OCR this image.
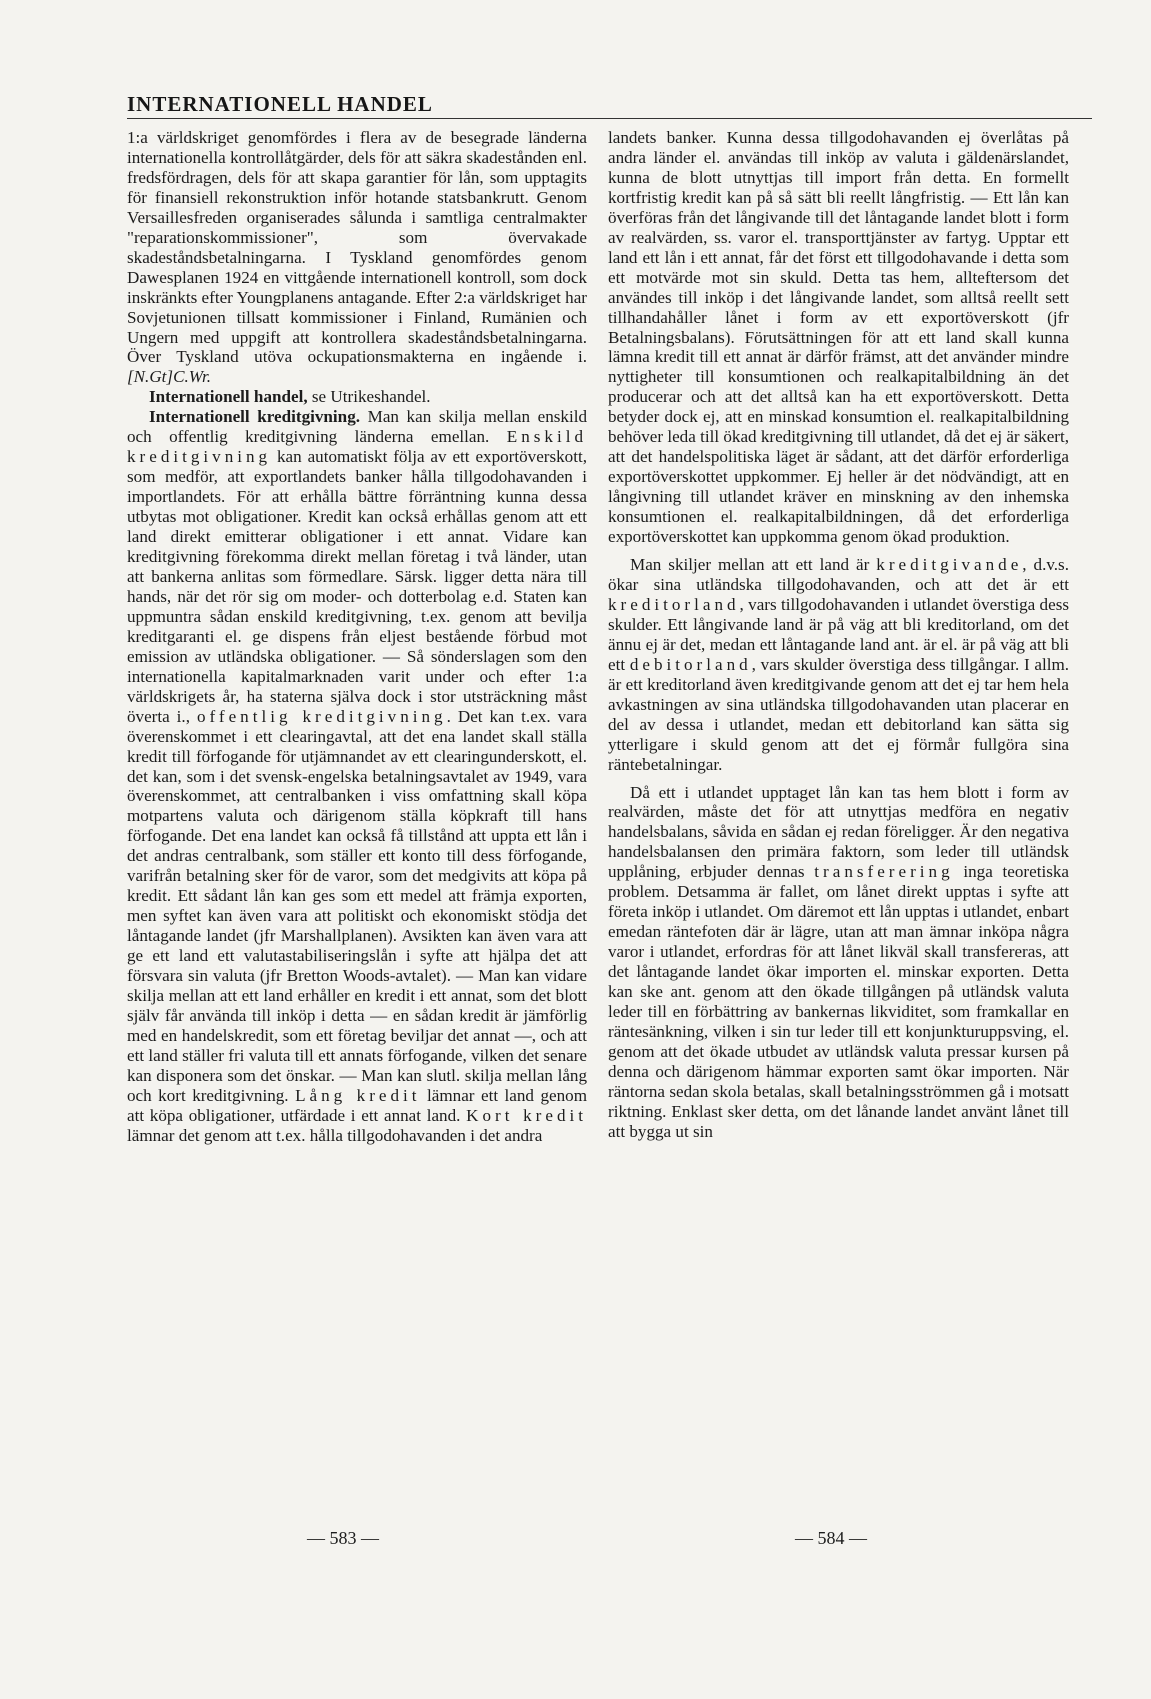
INTERNATIONELL HANDEL

1:a världskriget genomfördes i flera av de besegrade länderna internationella kontrollåtgärder, dels för att säkra skadestånden enl. fredsfördragen, dels för att skapa garantier för lån, som upptagits för finansiell rekonstruktion inför hotande statsbankrutt. Genom Versaillesfreden organiserades sålunda i samtliga centralmakter "reparationskommissioner", som övervakade skadeståndsbetalningarna. I Tyskland genomfördes genom Dawesplanen 1924 en vittgående internationell kontroll, som dock inskränkts efter Youngplanens antagande. Efter 2:a världskriget har Sovjetunionen tillsatt kommissioner i Finland, Rumänien och Ungern med uppgift att kontrollera skadeståndsbetalningarna. Över Tyskland utöva ockupationsmakterna en ingående i. [N.Gt]C.Wr.

Internationell handel, se Utrikeshandel.

Internationell kreditgivning. Man kan skilja mellan enskild och offentlig kreditgivning länderna emellan. Enskild kreditgivning kan automatiskt följa av ett exportöverskott, som medför, att exportlandets banker hålla tillgodohavanden i importlandets. För att erhålla bättre förräntning kunna dessa utbytas mot obligationer. Kredit kan också erhållas genom att ett land direkt emitterar obligationer i ett annat. Vidare kan kreditgivning förekomma direkt mellan företag i två länder, utan att bankerna anlitas som förmedlare. Särsk. ligger detta nära till hands, när det rör sig om moder- och dotterbolag e.d. Staten kan uppmuntra sådan enskild kreditgivning, t.ex. genom att bevilja kreditgaranti el. ge dispens från eljest bestående förbud mot emission av utländska obligationer. — Så sönderslagen som den internationella kapitalmarknaden varit under och efter 1:a världskrigets år, ha staterna själva dock i stor utsträckning måst överta i., offentlig kreditgivning. Det kan t.ex. vara överenskommet i ett clearingavtal, att det ena landet skall ställa kredit till förfogande för utjämnandet av ett clearingunderskott, el. det kan, som i det svensk-engelska betalningsavtalet av 1949, vara överenskommet, att centralbanken i viss omfattning skall köpa motpartens valuta och därigenom ställa köpkraft till hans förfogande. Det ena landet kan också få tillstånd att uppta ett lån i det andras centralbank, som ställer ett konto till dess förfogande, varifrån betalning sker för de varor, som det medgivits att köpa på kredit. Ett sådant lån kan ges som ett medel att främja exporten, men syftet kan även vara att politiskt och ekonomiskt stödja det låntagande landet (jfr Marshallplanen). Avsikten kan även vara att ge ett land ett valutastabiliseringslån i syfte att hjälpa det att försvara sin valuta (jfr Bretton Woods-avtalet). — Man kan vidare skilja mellan att ett land erhåller en kredit i ett annat, som det blott själv får använda till inköp i detta — en sådan kredit är jämförlig med en handelskredit, som ett företag beviljar det annat —, och att ett land ställer fri valuta till ett annats förfogande, vilken det senare kan disponera som det önskar. — Man kan slutl. skilja mellan lång och kort kreditgivning. Lång kredit lämnar ett land genom att köpa obligationer, utfärdade i ett annat land. Kort kredit lämnar det genom att t.ex. hålla tillgodohavanden i det andra

landets banker. Kunna dessa tillgodohavanden ej överlåtas på andra länder el. användas till inköp av valuta i gäldenärslandet, kunna de blott utnyttjas till import från detta. En formellt kortfristig kredit kan på så sätt bli reellt långfristig. — Ett lån kan överföras från det långivande till det låntagande landet blott i form av realvärden, ss. varor el. transporttjänster av fartyg. Upptar ett land ett lån i ett annat, får det först ett tillgodohavande i detta som ett motvärde mot sin skuld. Detta tas hem, allteftersom det användes till inköp i det långivande landet, som alltså reellt sett tillhandahåller lånet i form av ett exportöverskott (jfr Betalningsbalans). Förutsättningen för att ett land skall kunna lämna kredit till ett annat är därför främst, att det använder mindre nyttigheter till konsumtionen och realkapitalbildning än det producerar och att det alltså kan ha ett exportöverskott. Detta betyder dock ej, att en minskad konsumtion el. realkapitalbildning behöver leda till ökad kreditgivning till utlandet, då det ej är säkert, att det handelspolitiska läget är sådant, att det därför erforderliga exportöverskottet uppkommer. Ej heller är det nödvändigt, att en långivning till utlandet kräver en minskning av den inhemska konsumtionen el. realkapitalbildningen, då det erforderliga exportöverskottet kan uppkomma genom ökad produktion.

Man skiljer mellan att ett land är kreditgivande, d.v.s. ökar sina utländska tillgodohavanden, och att det är ett kreditorland, vars tillgodohavanden i utlandet överstiga dess skulder. Ett långivande land är på väg att bli kreditorland, om det ännu ej är det, medan ett låntagande land ant. är el. är på väg att bli ett debitorland, vars skulder överstiga dess tillgångar. I allm. är ett kreditorland även kreditgivande genom att det ej tar hem hela avkastningen av sina utländska tillgodohavanden utan placerar en del av dessa i utlandet, medan ett debitorland kan sätta sig ytterligare i skuld genom att det ej förmår fullgöra sina räntebetalningar.

Då ett i utlandet upptaget lån kan tas hem blott i form av realvärden, måste det för att utnyttjas medföra en negativ handelsbalans, såvida en sådan ej redan föreligger. Är den negativa handelsbalansen den primära faktorn, som leder till utländsk upplåning, erbjuder dennas transferering inga teoretiska problem. Detsamma är fallet, om lånet direkt upptas i syfte att företa inköp i utlandet. Om däremot ett lån upptas i utlandet, enbart emedan räntefoten där är lägre, utan att man ämnar inköpa några varor i utlandet, erfordras för att lånet likväl skall transfereras, att det låntagande landet ökar importen el. minskar exporten. Detta kan ske ant. genom att den ökade tillgången på utländsk valuta leder till en förbättring av bankernas likviditet, som framkallar en räntesänkning, vilken i sin tur leder till ett konjunkturuppsving, el. genom att det ökade utbudet av utländsk valuta pressar kursen på denna och därigenom hämmar exporten samt ökar importen. När räntorna sedan skola betalas, skall betalningsströmmen gå i motsatt riktning. Enklast sker detta, om det lånande landet använt lånet till att bygga ut sin

— 583 —	— 584 —
